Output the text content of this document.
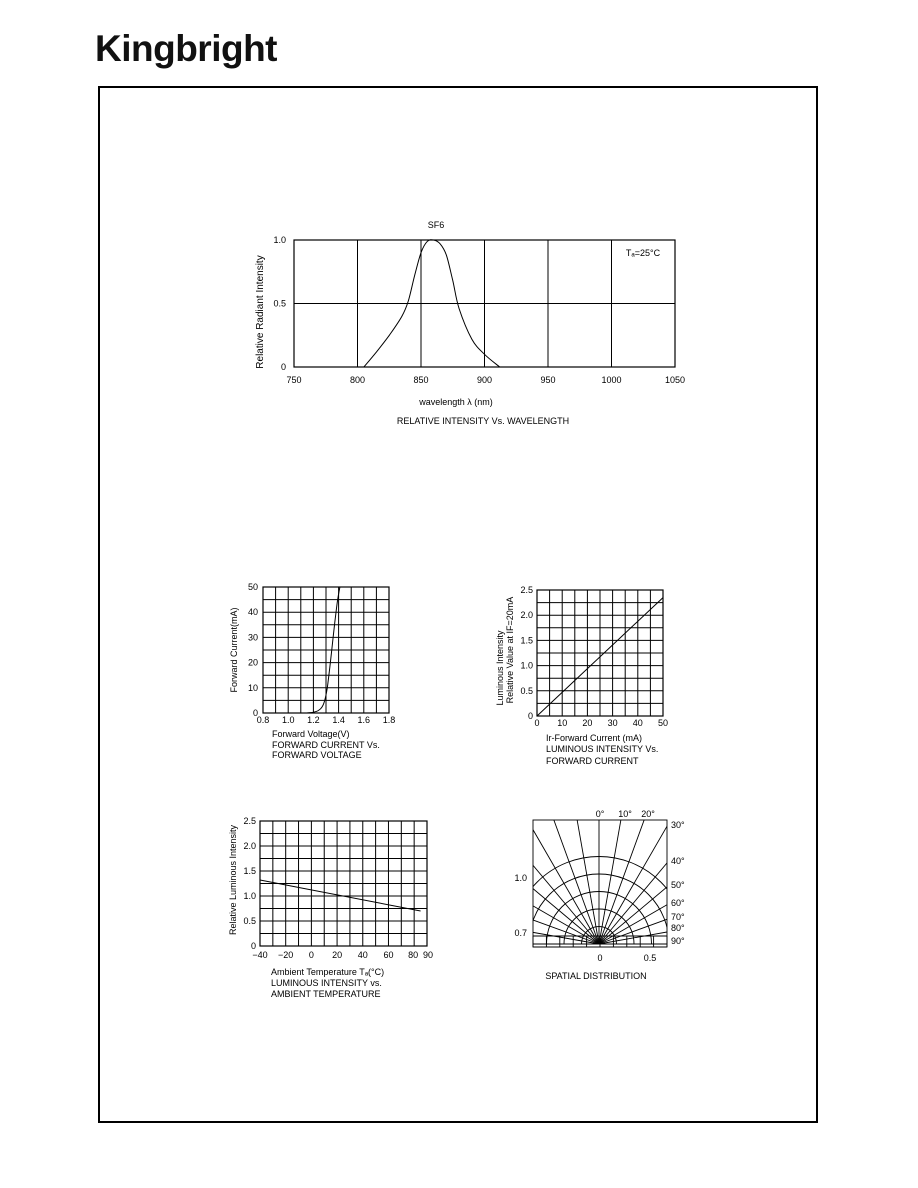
Kingbright
750	800	850	900	950	1000	1050
0
0.5
1.0
SF6
Tₐ=25°C
Relative Radiant Intensity
wavelength λ (nm)
RELATIVE INTENSITY Vs. WAVELENGTH
0.8 1.0 1.2 1.4 1.6 1.8
0
10
20
30
40
50
Forward Current(mA)
Forward Voltage(V)
FORWARD CURRENT Vs.
FORWARD VOLTAGE
0 10 20 30 40 50
0
0.5
1.0
1.5
2.0
2.5
Luminous Intensity Relative Value at IF=20mA
Ir-Forward Current (mA)
LUMINOUS INTENSITY Vs.
FORWARD CURRENT
−40 −20 0 20 40 60 80 90
0
0.5
1.0
1.5
2.0
2.5
Relative Luminous Intensity
Ambient Temperature Tₐ(°C)
LUMINOUS INTENSITY vs.
AMBIENT TEMPERATURE
0° 10° 20°
30°
40°
50°
60°
70°
80°
90°
1.0
0.7
0	0.5
SPATIAL DISTRIBUTION
